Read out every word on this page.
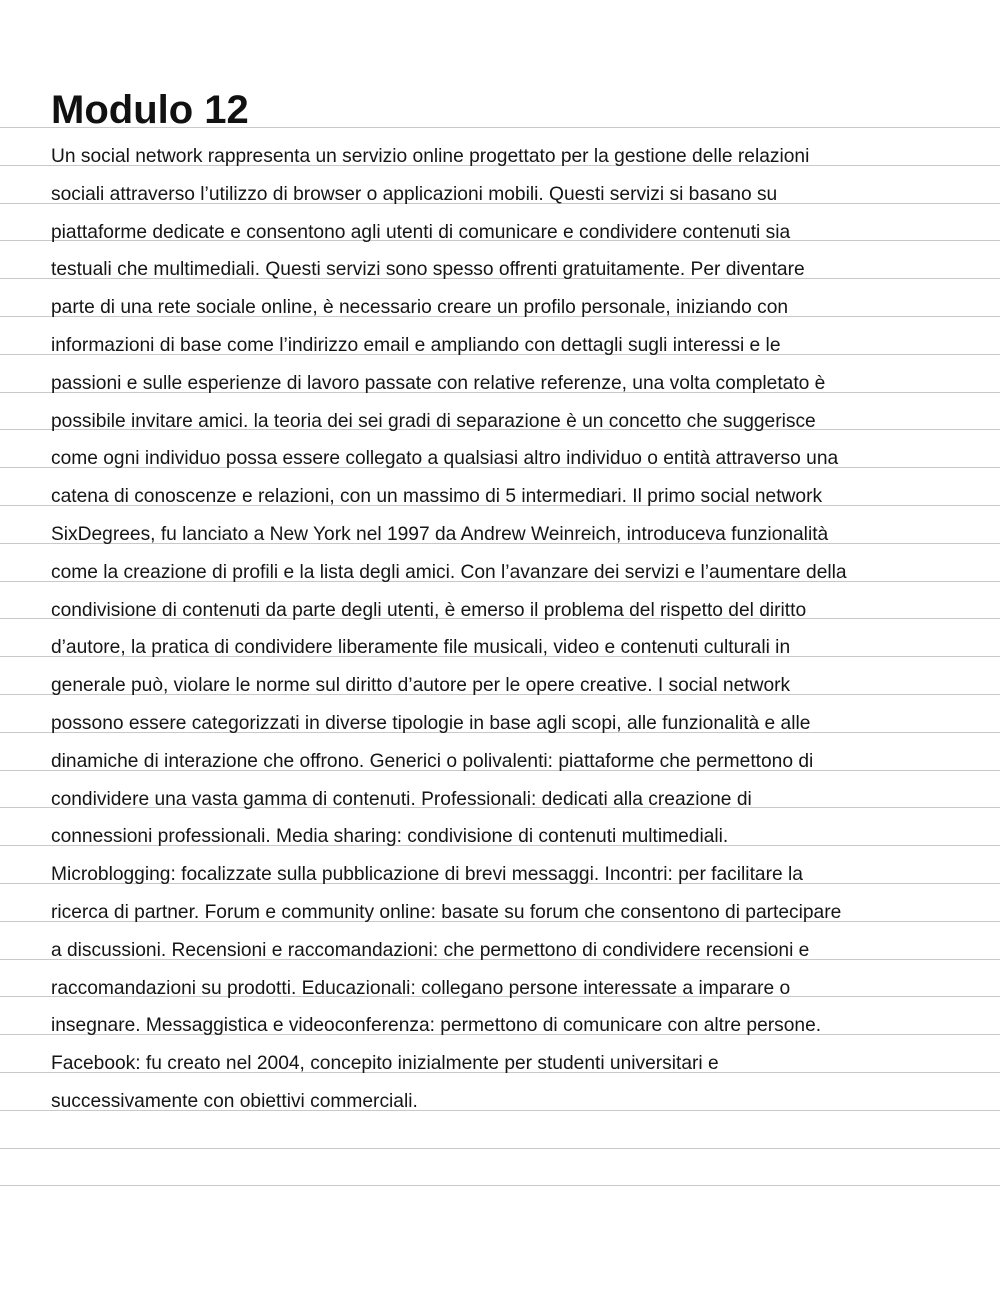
Modulo 12
Un social network rappresenta un servizio online progettato per la gestione delle relazioni
sociali attraverso l’utilizzo di browser o applicazioni mobili. Questi servizi si basano su
piattaforme dedicate e consentono agli utenti di comunicare e condividere contenuti sia
testuali che multimediali. Questi servizi sono spesso offrenti gratuitamente. Per diventare
parte di una rete sociale online, è necessario creare un profilo personale, iniziando con
informazioni di base come l’indirizzo email e ampliando con dettagli sugli interessi e le
passioni e sulle esperienze di lavoro passate con relative referenze, una volta completato è
possibile invitare amici. la teoria dei sei gradi di separazione è un concetto che suggerisce
come ogni individuo possa essere collegato a qualsiasi altro individuo o entità attraverso una
catena di conoscenze e relazioni, con un massimo di 5 intermediari. Il primo social network
SixDegrees, fu lanciato a New York nel 1997 da Andrew Weinreich, introduceva funzionalità
come la creazione di profili e la lista degli amici. Con l’avanzare dei servizi e l’aumentare della
condivisione di contenuti da parte degli utenti, è emerso il problema del rispetto del diritto
d’autore, la pratica di condividere liberamente file musicali, video e contenuti culturali in
generale può, violare le norme sul diritto d’autore per le opere creative. I social network
possono essere categorizzati in diverse tipologie in base agli scopi, alle funzionalità e alle
dinamiche di interazione che offrono. Generici o polivalenti: piattaforme che permettono di
condividere una vasta gamma di contenuti. Professionali: dedicati alla creazione di
connessioni professionali. Media sharing: condivisione di contenuti multimediali.
Microblogging: focalizzate sulla pubblicazione di brevi messaggi. Incontri: per facilitare la
ricerca di partner. Forum e community online: basate su forum che consentono di partecipare
a discussioni. Recensioni e raccomandazioni: che permettono di condividere recensioni e
raccomandazioni su prodotti. Educazionali: collegano persone interessate a imparare o
insegnare. Messaggistica e videoconferenza: permettono di comunicare con altre persone.
Facebook: fu creato nel 2004, concepito inizialmente per studenti universitari e
successivamente con obiettivi commerciali.
